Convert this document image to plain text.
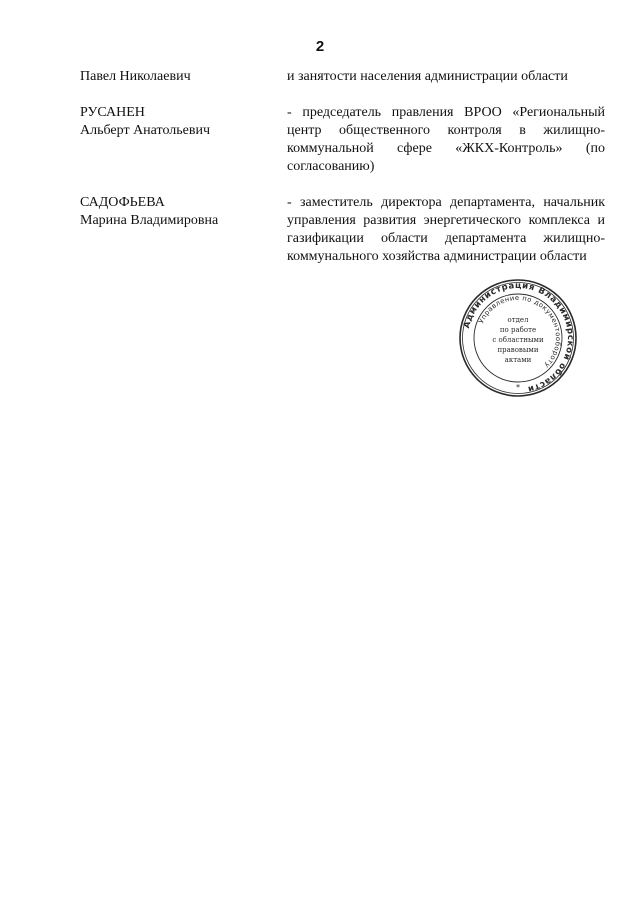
2
Павел Николаевич	и занятости населения администрации области
РУСАНЕН
Альберт Анатольевич
- председатель правления ВРОО «Региональный центр общественного контроля в жилищно-коммунальной сфере «ЖКХ-Контроль» (по согласованию)
САДОФЬЕВА
Марина Владимировна
- заместитель директора департамента, начальник управления развития энергетического комплекса и газификации области департамента жилищно-коммунального хозяйства администрации области
Администрация Владимирской области
Управление по документообороту
отдел
по работе
с областными
правовыми
актами
*
